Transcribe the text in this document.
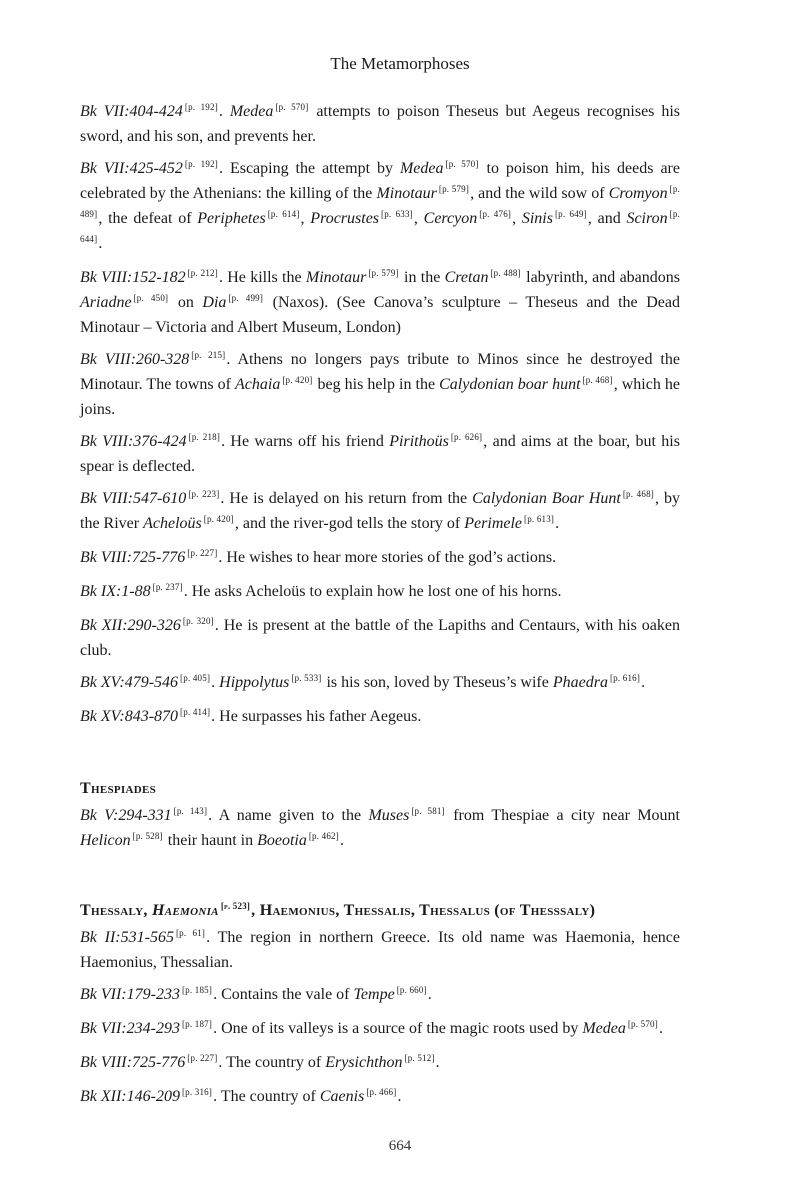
The Metamorphoses

Bk VII:404-424 [p. 192]. Medea [p. 570] attempts to poison Theseus but Aegeus recognises his sword, and his son, and prevents her.

Bk VII:425-452 [p. 192]. Escaping the attempt by Medea [p. 570] to poison him, his deeds are celebrated by the Athenians: the killing of the Minotaur [p. 579], and the wild sow of Cromyon [p. 489], the defeat of Periphetes [p. 614], Procrustes [p. 633], Cercyon [p. 476], Sinis [p. 649], and Sciron [p. 644].

Bk VIII:152-182 [p. 212]. He kills the Minotaur [p. 579] in the Cretan [p. 488] labyrinth, and abandons Ariadne [p. 450] on Dia [p. 499] (Naxos). (See Canova’s sculpture – Theseus and the Dead Minotaur – Victoria and Albert Museum, London)

Bk VIII:260-328 [p. 215]. Athens no longers pays tribute to Minos since he destroyed the Minotaur. The towns of Achaia [p. 420] beg his help in the Calydonian boar hunt [p. 468], which he joins.

Bk VIII:376-424 [p. 218]. He warns off his friend Pirithoüs [p. 626], and aims at the boar, but his spear is deflected.

Bk VIII:547-610 [p. 223]. He is delayed on his return from the Calydonian Boar Hunt [p. 468], by the River Acheloüs [p. 420], and the river-god tells the story of Perimele [p. 613].

Bk VIII:725-776 [p. 227]. He wishes to hear more stories of the god’s actions.

Bk IX:1-88 [p. 237]. He asks Acheloüs to explain how he lost one of his horns.

Bk XII:290-326 [p. 320]. He is present at the battle of the Lapiths and Centaurs, with his oaken club.

Bk XV:479-546 [p. 405]. Hippolytus [p. 533] is his son, loved by Theseus’s wife Phaedra [p. 616].

Bk XV:843-870 [p. 414]. He surpasses his father Aegeus.

Thespiades

Bk V:294-331 [p. 143]. A name given to the Muses [p. 581] from Thespiae a city near Mount Helicon [p. 528] their haunt in Boeotia [p. 462].

Thessaly, Haemonia [p. 523], Haemonius, Thessalis, Thessalus (of Thesssaly)

Bk II:531-565 [p. 61]. The region in northern Greece. Its old name was Haemonia, hence Haemonius, Thessalian.

Bk VII:179-233 [p. 185]. Contains the vale of Tempe [p. 660].

Bk VII:234-293 [p. 187]. One of its valleys is a source of the magic roots used by Medea [p. 570].

Bk VIII:725-776 [p. 227]. The country of Erysichthon [p. 512].

Bk XII:146-209 [p. 316]. The country of Caenis [p. 466].

664
